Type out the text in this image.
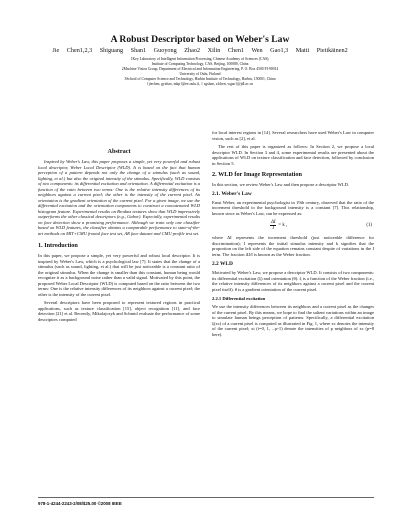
A Robust Descriptor based on Weber's Law
Jie Chen1,2,3 Shiguang Shan1 Guoyong Zhao2 Xilin Chen1 Wen Gao1,3 Matti Pietikäinen2
1Key Laboratory of Intelligent Information Processing, Chinese Academy of Sciences (CAS),
Institute of Computing Technology, CAS, Beijing, 100080, China
2Machine Vision Group, Department of Electrical and Information Engineering, P. O. Box 4500 FI-90014
University of Oulu, Finland
3School of Computer Science and Technology, Harbin Institute of Technology, Harbin, 150001, China
{jiechen, gyzhao, mkp}@ee.oulu.fi, { sgshan, xlchen, wgao}@jdl.ac.cn
Abstract

Inspired by Weber's Law, this paper proposes a simple, yet very powerful and robust local descriptor, Weber Local Descriptor (WLD). It is based on the fact that human perception of a pattern depends not only the change of a stimulus (such as sound, lighting, et al.) but also the original intensity of the stimulus. Specifically, WLD consists of two components: its differential excitation and orientation. A differential excitation is a function of the ratio between two terms: One is the relative intensity differences of its neighbors against a current pixel; the other is the intensity of the current pixel. An orientation is the gradient orientation of the current pixel. For a given image, we use the differential excitation and the orientation components to construct a concatenated WLD histogram feature. Experimental results on Brodatz textures show that WLD impressively outperforms the other classical descriptors (e.g., Gabor). Especially, experimental results on face detection show a promising performance. Although we train only one classifier based on WLD features, the classifier obtains a comparable performance to state-of-the-art methods on MIT+CMU frontal face test set, AR face dataset and CMU profile test set.

1. Introduction

In this paper, we propose a simple, yet very powerful and robust local descriptor. It is inspired by Weber's Law, which is a psychological law [7]. It states that the change of a stimulus (such as sound, lighting, et al.) that will be just noticeable is a constant ratio of the original stimulus. When the change is smaller than this constant, human being would recognize it as a background noise rather than a valid signal. Motivated by this point, the proposed Weber Local Descriptor (WLD) is computed based on the ratio between the two terms: One is the relative intensity differences of its neighbors against a current pixel; the other is the intensity of the current pixel.

Several descriptors have been proposed to represent textured regions in practical applications, such as texture classification [15], object recognition [11], and face detection [21] et al. Recently, Mikolajczyk and Schmid evaluate the performance of some descriptors computed

for local interest regions in [14]. Several researchers have used Weber's Law in computer vision, such as [2], et al.

The rest of this paper is organized as follows: In Section 2, we propose a local descriptor WLD. In Section 3 and 4, some experimental results are presented about the applications of WLD on texture classification and face detection, followed by conclusion in Section 5.

2. WLD for Image Representation

In this section, we review Weber's Law and then propose a descriptor WLD.

2.1. Weber's Law

Ernst Weber, an experimental psychologist in 19th century, observed that the ratio of the increment threshold to the background intensity is a constant [7]. This relationship, known since as Weber's Law, can be expressed as:

$\frac{\Delta I}{I} = k$ ,	(1)

where ΔI represents the increment threshold (just noticeable difference for discrimination); I represents the initial stimulus intensity and k signifies that the proportion on the left side of the equation remains constant despite of variations in the I term. The fraction ΔI/I is known as the Weber fraction.

2.2 WLD

Motivated by Weber's Law, we propose a descriptor WLD. It consists of two components: its differential excitation (ξ) and orientation (θ). ξ is a function of the Weber fraction (i.e., the relative intensity differences of its neighbors against a current pixel and the current pixel itself). θ is a gradient orientation of the current pixel.

2.2.1 Differential excitation

We use the intensity differences between its neighbors and a current pixel as the changes of the current pixel. By this means, we hope to find the salient variations within an image to simulate human beings perception of patterns. Specifically, a differential excitation ξ(xc) of a current pixel is computed as illustrated in Fig. 1, where xc denotes the intensity of the current pixel; xi (i=0, 1, ...p-1) denote the intensities of p neighbors of xc (p=8 here).

978-1-4244-2243-2/08/$25.00 ©2008 IEEE
